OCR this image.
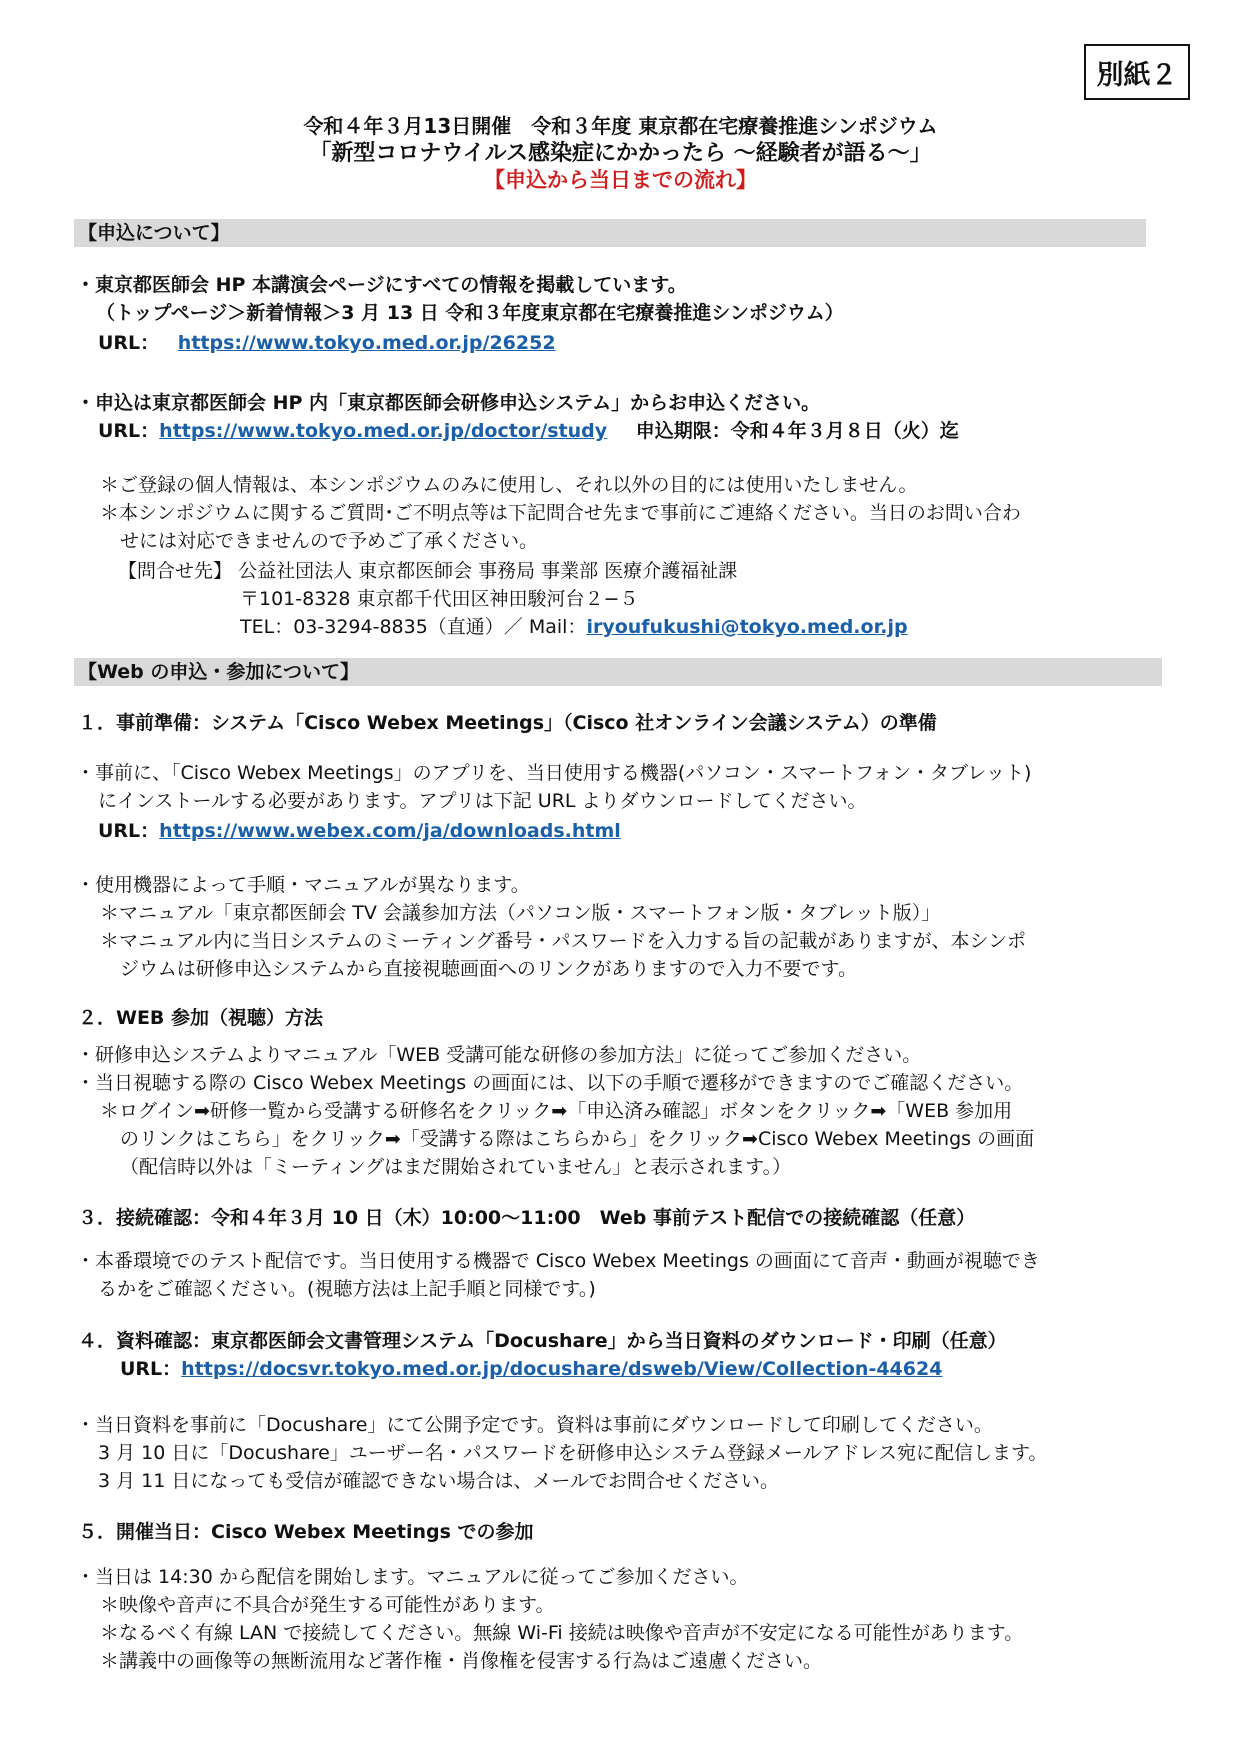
別紙２
令和４年３月13日開催　令和３年度 東京都在宅療養推進シンポジウム
「新型コロナウイルス感染症にかかったら ～経験者が語る～」
【申込から当日までの流れ】
【申込について】
・東京都医師会 HP 本講演会ページにすべての情報を掲載しています。
（トップページ＞新着情報＞3 月 13 日 令和３年度東京都在宅療養推進シンポジウム）
URL： https://www.tokyo.med.or.jp/26252
・申込は東京都医師会 HP 内「東京都医師会研修申込システム」からお申込ください。
URL：https://www.tokyo.med.or.jp/doctor/study 申込期限：令和４年３月８日（火）迄
＊ご登録の個人情報は、本シンポジウムのみに使用し、それ以外の目的には使用いたしません。
＊本シンポジウムに関するご質問･ご不明点等は下記問合せ先まで事前にご連絡ください。当日のお問い合わ
せには対応できませんので予めご了承ください。
【問合せ先】 公益社団法人 東京都医師会 事務局 事業部 医療介護福祉課
〒101-8328 東京都千代田区神田駿河台２−５
TEL：03-3294-8835（直通）／ Mail：iryoufukushi@tokyo.med.or.jp
【Web の申込・参加について】
１．事前準備：システム「Cisco Webex Meetings」（Cisco 社オンライン会議システム）の準備
・事前に、「Cisco Webex Meetings」のアプリを、当日使用する機器(パソコン・スマートフォン・タブレット)
にインストールする必要があります。アプリは下記 URL よりダウンロードしてください。
URL：https://www.webex.com/ja/downloads.html
・使用機器によって手順・マニュアルが異なります。
＊マニュアル「東京都医師会 TV 会議参加方法（パソコン版・スマートフォン版・タブレット版）」
＊マニュアル内に当日システムのミーティング番号・パスワードを入力する旨の記載がありますが、本シンポ
ジウムは研修申込システムから直接視聴画面へのリンクがありますので入力不要です。
２．WEB 参加（視聴）方法
・研修申込システムよりマニュアル「WEB 受講可能な研修の参加方法」に従ってご参加ください。
・当日視聴する際の Cisco Webex Meetings の画面には、以下の手順で遷移ができますのでご確認ください。
＊ログイン➡研修一覧から受講する研修名をクリック➡「申込済み確認」ボタンをクリック➡「WEB 参加用
のリンクはこちら」をクリック➡「受講する際はこちらから」をクリック➡Cisco Webex Meetings の画面
（配信時以外は「ミーティングはまだ開始されていません」と表示されます。）
３．接続確認：令和４年３月 10 日（木）10:00～11:00　Web 事前テスト配信での接続確認（任意）
・本番環境でのテスト配信です。当日使用する機器で Cisco Webex Meetings の画面にて音声・動画が視聴でき
るかをご確認ください。(視聴方法は上記手順と同様です。)
４．資料確認：東京都医師会文書管理システム「Docushare」から当日資料のダウンロード・印刷（任意）
URL：https://docsvr.tokyo.med.or.jp/docushare/dsweb/View/Collection-44624
・当日資料を事前に「Docushare」にて公開予定です。資料は事前にダウンロードして印刷してください。
3 月 10 日に「Docushare」ユーザー名・パスワードを研修申込システム登録メールアドレス宛に配信します。
3 月 11 日になっても受信が確認できない場合は、メールでお問合せください。
５．開催当日：Cisco Webex Meetings での参加
・当日は 14:30 から配信を開始します。マニュアルに従ってご参加ください。
＊映像や音声に不具合が発生する可能性があります。
＊なるべく有線 LAN で接続してください。無線 Wi-Fi 接続は映像や音声が不安定になる可能性があります。
＊講義中の画像等の無断流用など著作権・肖像権を侵害する行為はご遠慮ください。
